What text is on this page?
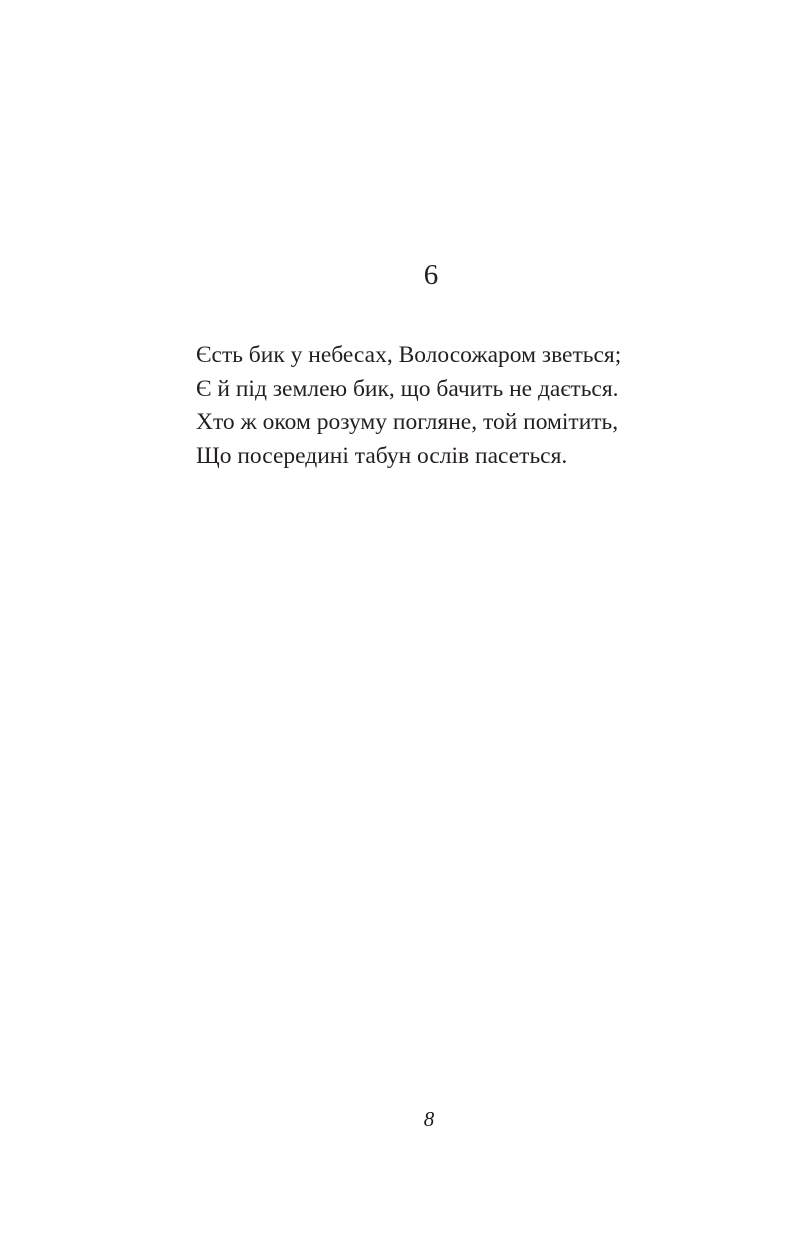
6
Єсть бик у небесах, Волосожаром зветься;
Є й під землею бик, що бачить не дається.
Хто ж оком розуму погляне, той помітить,
Що посередині табун ослів пасеться.
8
